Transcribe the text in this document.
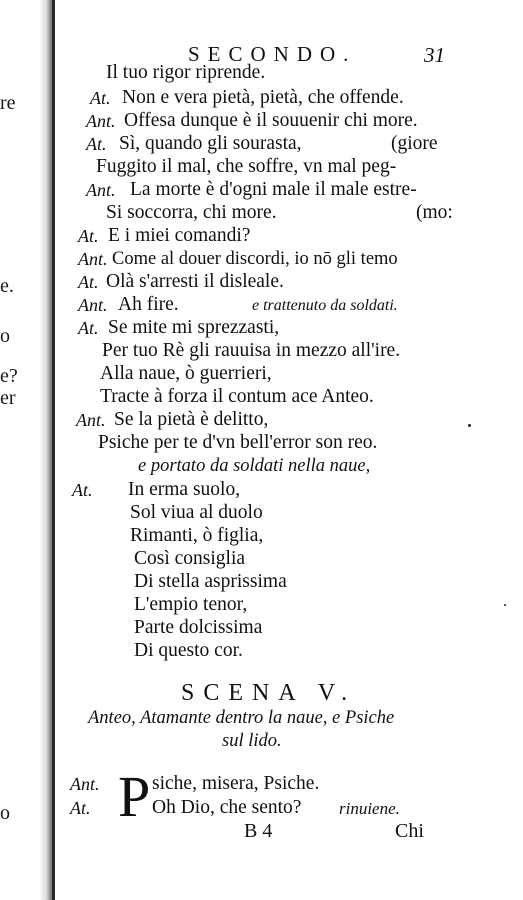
re
e.
o
e?
er
o
SECONDO.	31
Il tuo rigor riprende.
At. Non e vera pietà, pietà, che offende.
Ant. Offesa dunque è il souuenir chi more.
At. Sì, quando gli sourasta,	(giore
Fuggito il mal, che soffre, vn mal peg-
Ant. La morte è d'ogni male il male estre-
Si soccorra, chi more.	(mo:
At. E i miei comandi?
Ant. Come al douer discordi, io nō gli temo
At. Olà s'arresti il disleale.
Ant. Ah fire.	e trattenuto da soldati.
At. Se mite mi sprezzasti,
Per tuo Rè gli rauuisa in mezzo all'ire.
Alla naue, ò guerrieri,
Tracte à forza il contum ace Anteo.
Ant. Se la pietà è delitto,
Psiche per te d'vn bell'error son reo.
e portato da soldati nella naue,
At. In erma suolo,
Sol viua al duolo
Rimanti, ò figlia,
Così consiglia
Di stella asprissima
L'empio tenor,
Parte dolcissima
Di questo cor.
SCENA V.
Anteo, Atamante dentro la naue, e Psiche
sul lido.
P
Ant.	siche, misera, Psiche.
At.	Oh Dio, che sento? rinuiene.
B 4	Chi
